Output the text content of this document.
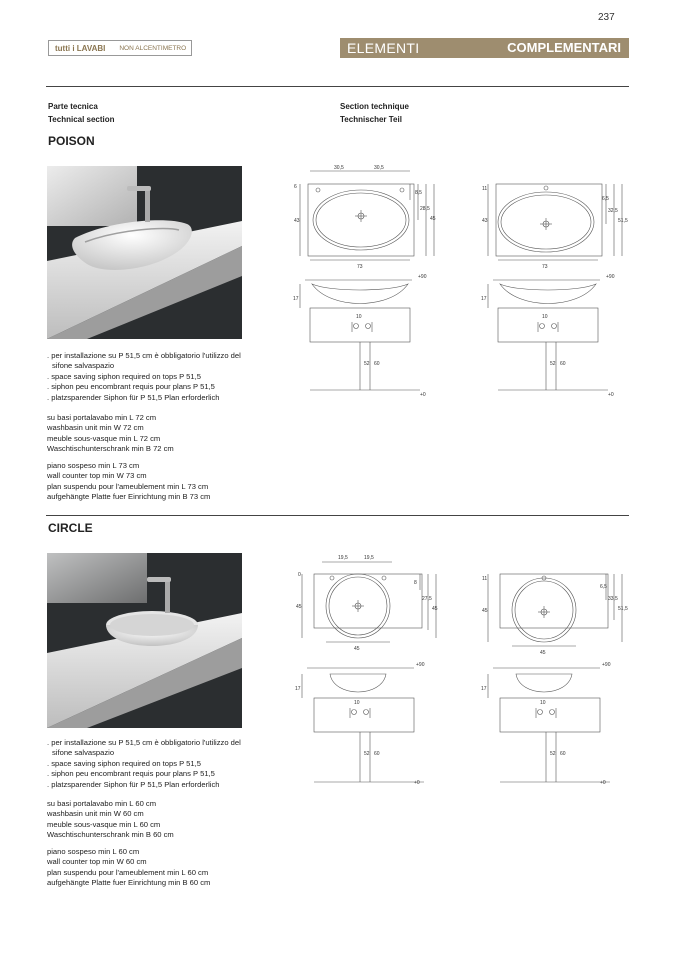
237
tutti i LAVABI NON ALCENTIMETRO	ELEMENTI	COMPLEMENTARI
Parte tecnica
Technical section
Section technique
Technischer Teil
POISON
. per installazione su P 51,5 cm è obbligatorio l'utilizzo del
sifone salvaspazio
. space saving siphon required on tops P 51,5
. siphon peu encombrant requis pour plans P 51,5
. platzsparender Siphon für P 51,5 Plan erforderlich
su basi portalavabo min L 72 cm
washbasin unit min W 72 cm
meuble sous-vasque min L 72 cm
Waschtischunterschrank min B 72 cm
piano sospeso min L 73 cm
wall counter top min W 73 cm
plan suspendu pour l'ameublement min L 73 cm
aufgehängte Platte fuer Einrichtung min B 73 cm
30,5	30,5
73
43
6
8,5
28,5
45
17
+90
10
52 60
+0
73
43
11
6,5
32,5
51,5
17
+90
10
52 60
+0
CIRCLE
. per installazione su P 51,5 cm è obbligatorio l'utilizzo del
sifone salvaspazio
. space saving siphon required on tops P 51,5
. siphon peu encombrant requis pour plans P 51,5
. platzsparender Siphon für P 51,5 Plan erforderlich
su basi portalavabo min L 60 cm
washbasin unit min W 60 cm
meuble sous-vasque min L 60 cm
Waschtischunterschrank min B 60 cm
piano sospeso min L 60 cm
wall counter top min W 60 cm
plan suspendu pour l'ameublement min L 60 cm
aufgehängte Platte fuer Einrichtung min B 60 cm
19,5	19,5
45
45
0
8
27,5
45
17
+90
10
52 60
+0
45
45
11
6,5
33,5
51,5
17
+90
10
52 60
+0
